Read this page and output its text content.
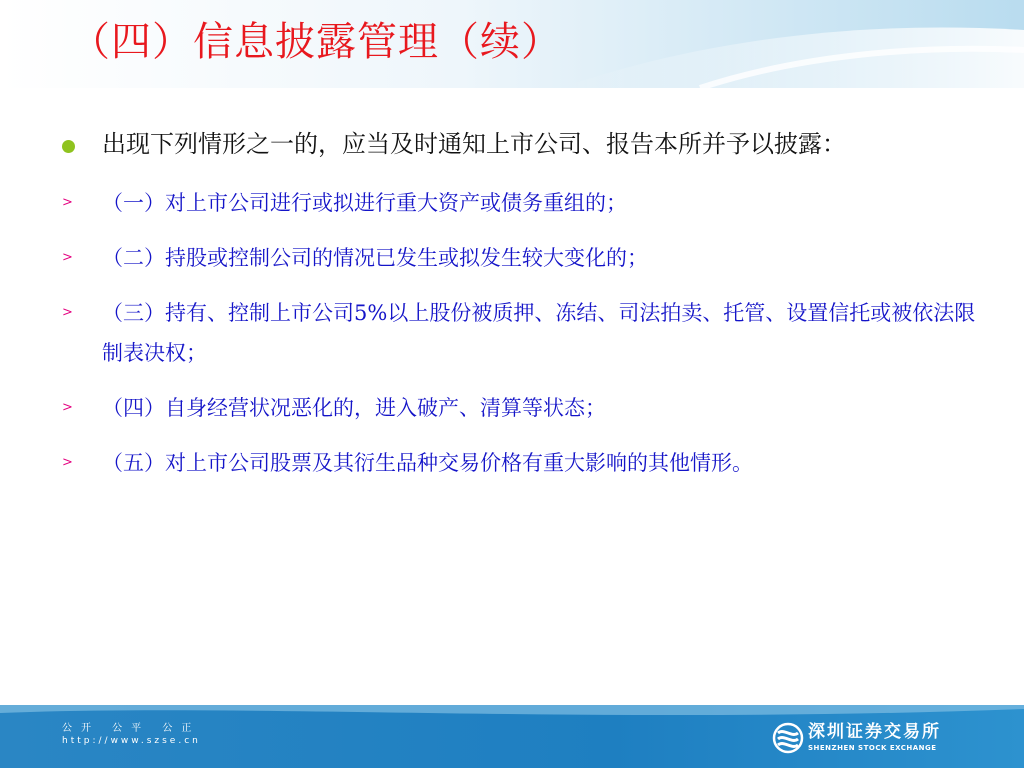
（四）信息披露管理（续）
出现下列情形之一的，应当及时通知上市公司、报告本所并予以披露：
> （一）对上市公司进行或拟进行重大资产或债务重组的；
> （二）持股或控制公司的情况已发生或拟发生较大变化的；
> （三）持有、控制上市公司5%以上股份被质押、冻结、司法拍卖、托管、设置信托或被依法限制表决权；
> （四）自身经营状况恶化的，进入破产、清算等状态；
> （五）对上市公司股票及其衍生品种交易价格有重大影响的其他情形。
公开 公平 公正
http://www.szse.cn	深圳证券交易所
SHENZHEN STOCK EXCHANGE
